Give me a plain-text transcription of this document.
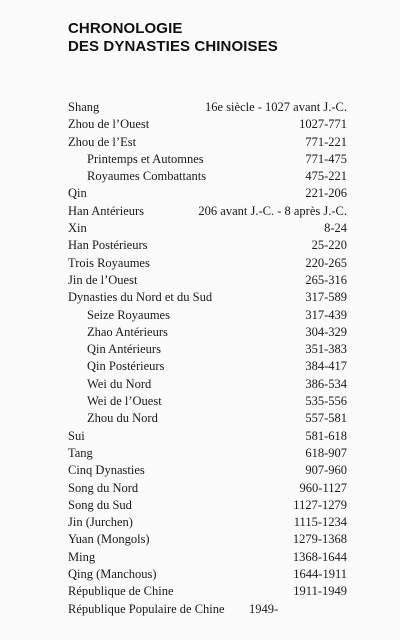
CHRONOLOGIE
DES DYNASTIES CHINOISES
Shang	16e siècle - 1027 avant J.-C.
Zhou de l’Ouest	1027-771
Zhou de l’Est	771-221
Printemps et Automnes	771-475
Royaumes Combattants	475-221
Qin	221-206
Han Antérieurs	206 avant J.-C. - 8 après J.-C.
Xin	8-24
Han Postérieurs	25-220
Trois Royaumes	220-265
Jin de l’Ouest	265-316
Dynasties du Nord et du Sud	317-589
Seize Royaumes	317-439
Zhao Antérieurs	304-329
Qin Antérieurs	351-383
Qin Postérieurs	384-417
Wei du Nord	386-534
Wei de l’Ouest	535-556
Zhou du Nord	557-581
Sui	581-618
Tang	618-907
Cinq Dynasties	907-960
Song du Nord	960-1127
Song du Sud	1127-1279
Jin (Jurchen)	1115-1234
Yuan (Mongols)	1279-1368
Ming	1368-1644
Qing (Manchous)	1644-1911
République de Chine	1911-1949
République Populaire de Chine 1949-
